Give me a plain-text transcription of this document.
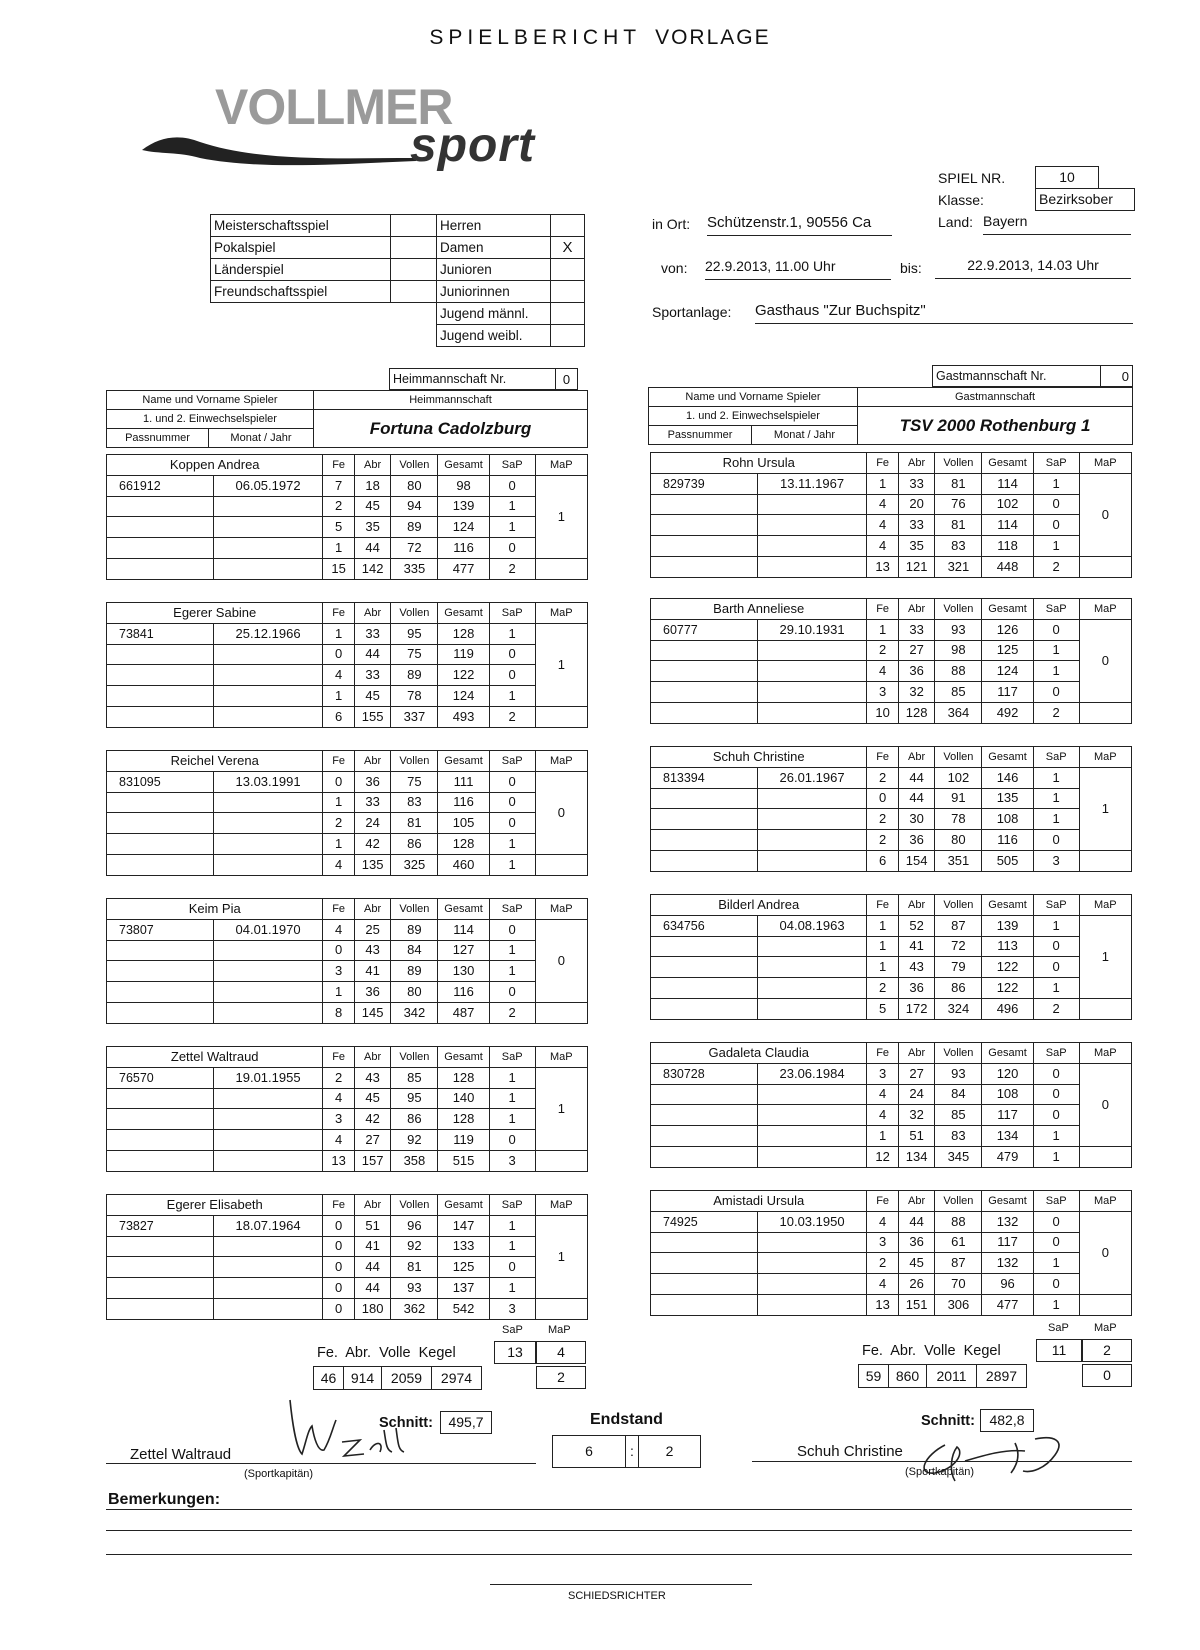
SPIELBERICHT VORLAGE
VOLLMER
sport
SPIEL NR.	10
Klasse:	Bezirksober
Land: Bayern
in Ort: Schützenstr.1, 90556 Ca
von: 22.9.2013, 11.00 Uhr	bis:	22.9.2013, 14.03 Uhr
Sportanlage: Gasthaus "Zur Buchspitz"
Meisterschaftsspiel		Herren	
Pokalspiel		Damen	X
Länderspiel		Junioren	
Freundschaftsspiel		Juniorinnen	
		Jugend männl.	
		Jugend weibl.	
Heimmannschaft Nr.	0	Gastmannschaft Nr.	0
Name und Vorname Spieler		Heimmannschaft
1. und 2. Einwechselspieler		Fortuna Cadolzburg
Passnummer	Monat / Jahr	
Name und Vorname Spieler		Gastmannschaft
1. und 2. Einwechselspieler		TSV 2000 Rothenburg 1
Passnummer	Monat / Jahr	
Koppen Andrea		Fe	Abr	Vollen	Gesamt	SaP	MaP
661912	06.05.1972	7	18	80	98	0	1
		2	45	94	139	1	
		5	35	89	124	1	
		1	44	72	116	0	
		15	142	335	477	2	
Egerer Sabine		Fe	Abr	Vollen	Gesamt	SaP	MaP
73841	25.12.1966	1	33	95	128	1	1
		0	44	75	119	0	
		4	33	89	122	0	
		1	45	78	124	1	
		6	155	337	493	2	
Reichel Verena		Fe	Abr	Vollen	Gesamt	SaP	MaP
831095	13.03.1991	0	36	75	111	0	0
		1	33	83	116	0	
		2	24	81	105	0	
		1	42	86	128	1	
		4	135	325	460	1	
Keim Pia		Fe	Abr	Vollen	Gesamt	SaP	MaP
73807	04.01.1970	4	25	89	114	0	0
		0	43	84	127	1	
		3	41	89	130	1	
		1	36	80	116	0	
		8	145	342	487	2	
Zettel Waltraud		Fe	Abr	Vollen	Gesamt	SaP	MaP
76570	19.01.1955	2	43	85	128	1	1
		4	45	95	140	1	
		3	42	86	128	1	
		4	27	92	119	0	
		13	157	358	515	3	
Egerer Elisabeth		Fe	Abr	Vollen	Gesamt	SaP	MaP
73827	18.07.1964	0	51	96	147	1	1
		0	41	92	133	1	
		0	44	81	125	0	
		0	44	93	137	1	
		0	180	362	542	3	
Rohn Ursula		Fe	Abr	Vollen	Gesamt	SaP	MaP
829739	13.11.1967	1	33	81	114	1	0
		4	20	76	102	0	
		4	33	81	114	0	
		4	35	83	118	1	
		13	121	321	448	2	
Barth Anneliese		Fe	Abr	Vollen	Gesamt	SaP	MaP
60777	29.10.1931	1	33	93	126	0	0
		2	27	98	125	1	
		4	36	88	124	1	
		3	32	85	117	0	
		10	128	364	492	2	
Schuh Christine		Fe	Abr	Vollen	Gesamt	SaP	MaP
813394	26.01.1967	2	44	102	146	1	1
		0	44	91	135	1	
		2	30	78	108	1	
		2	36	80	116	0	
		6	154	351	505	3	
Bilderl Andrea		Fe	Abr	Vollen	Gesamt	SaP	MaP
634756	04.08.1963	1	52	87	139	1	1
		1	41	72	113	0	
		1	43	79	122	0	
		2	36	86	122	1	
		5	172	324	496	2	
Gadaleta Claudia		Fe	Abr	Vollen	Gesamt	SaP	MaP
830728	23.06.1984	3	27	93	120	0	0
		4	24	84	108	0	
		4	32	85	117	0	
		1	51	83	134	1	
		12	134	345	479	1	
Amistadi Ursula		Fe	Abr	Vollen	Gesamt	SaP	MaP
74925	10.03.1950	4	44	88	132	0	0
		3	36	61	117	0	
		2	45	87	132	1	
		4	26	70	96	0	
		13	151	306	477	1	
SaP MaP
Fe. Abr. Volle Kegel	13	4
46	914	2059	2974	2
SaP MaP
Fe. Abr. Volle Kegel	11	2
59	860	2011	2897	0
Schnitt:	495,7	Schnitt:	482,8
Endstand
6	:	2
Zettel Waltraud
(Sportkapitän)
Schuh Christine
(Sportkapitän)
Bemerkungen:
SCHIEDSRICHTER
